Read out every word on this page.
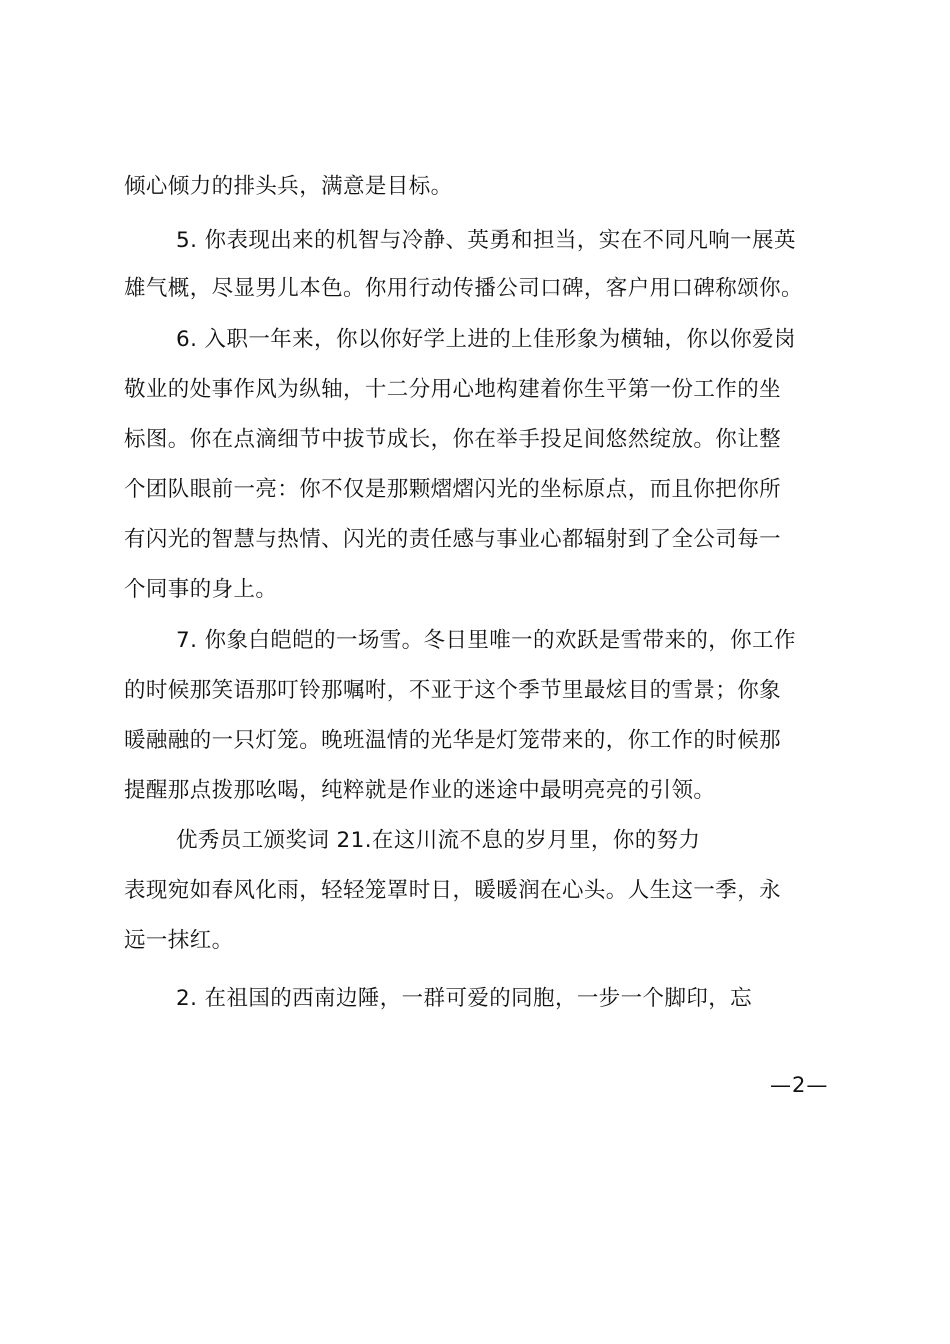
倾心倾力的排头兵，满意是目标。
5. 你表现出来的机智与冷静、英勇和担当，实在不同凡响一展英
雄气概，尽显男儿本色。你用行动传播公司口碑，客户用口碑称颂你。
6. 入职一年来，你以你好学上进的上佳形象为横轴，你以你爱岗
敬业的处事作风为纵轴，十二分用心地构建着你生平第一份工作的坐
标图。你在点滴细节中拔节成长，你在举手投足间悠然绽放。你让整
个团队眼前一亮：你不仅是那颗熠熠闪光的坐标原点，而且你把你所
有闪光的智慧与热情、闪光的责任感与事业心都辐射到了全公司每一
个同事的身上。
7. 你象白皑皑的一场雪。冬日里唯一的欢跃是雪带来的，你工作
的时候那笑语那叮铃那嘱咐，不亚于这个季节里最炫目的雪景；你象
暖融融的一只灯笼。晚班温情的光华是灯笼带来的，你工作的时候那
提醒那点拨那吆喝，纯粹就是作业的迷途中最明亮亮的引领。
优秀员工颁奖词 21.在这川流不息的岁月里，你的努力
表现宛如春风化雨，轻轻笼罩时日，暖暖润在心头。人生这一季，永
远一抹红。
2. 在祖国的西南边陲，一群可爱的同胞，一步一个脚印，忘
—2—
